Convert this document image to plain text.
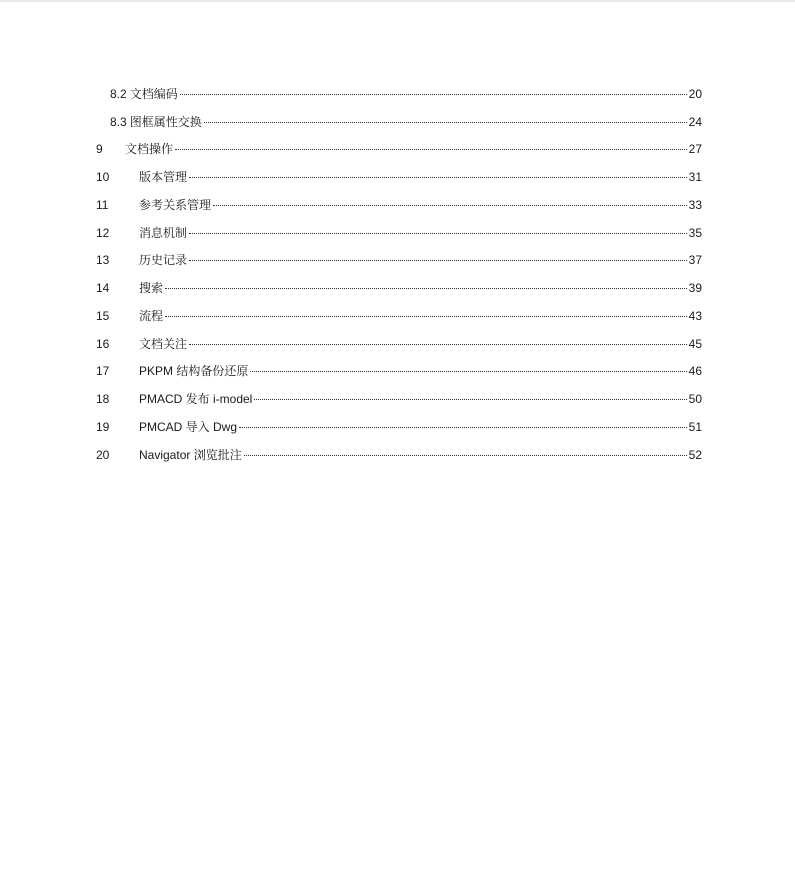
8.2 文档编码	20
8.3 图框属性交换	24
9	文档操作	27
10	版本管理	31
11	参考关系管理	33
12	消息机制	35
13	历史记录	37
14	搜索	39
15	流程	43
16	文档关注	45
17	PKPM 结构备份还原	46
18	PMACD 发布 i-model	50
19	PMCAD 导入 Dwg	51
20	Navigator 浏览批注	52
